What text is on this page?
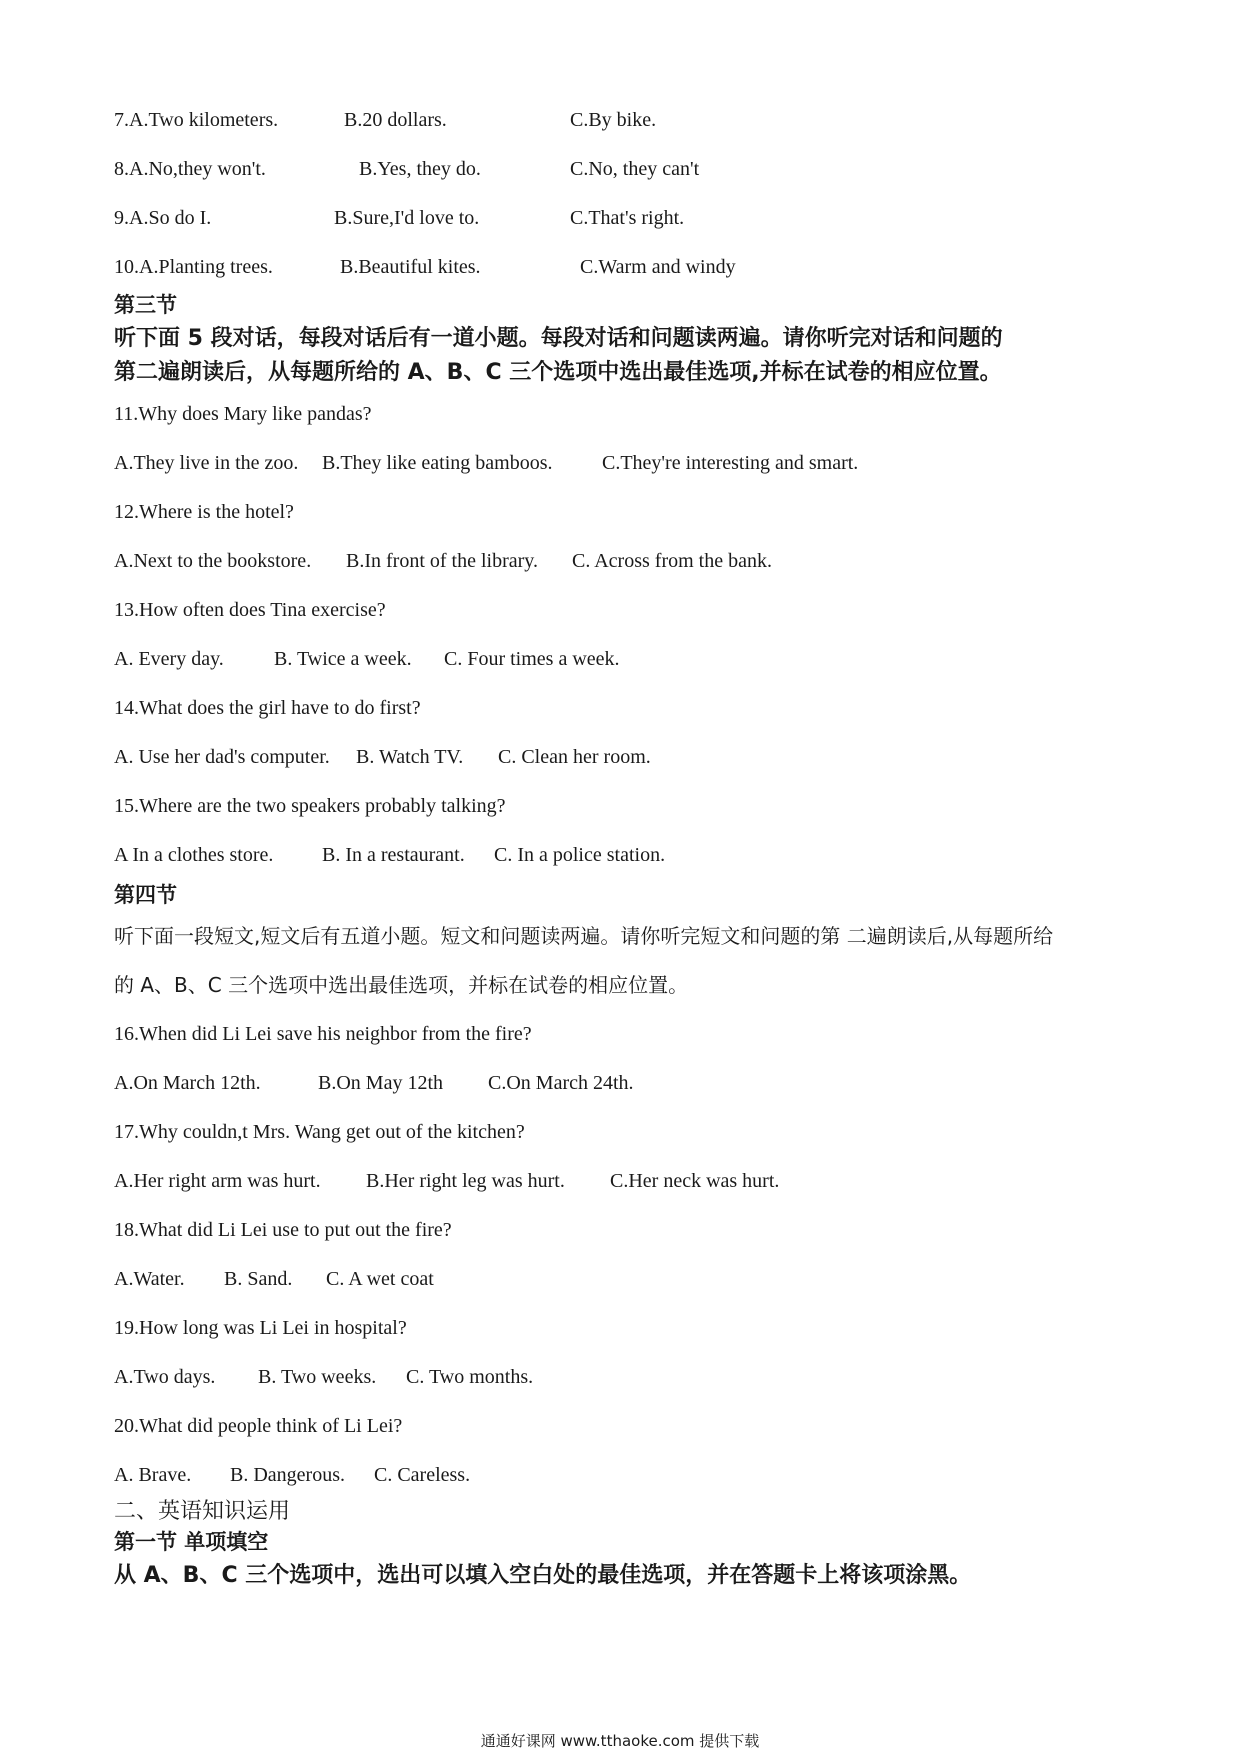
7.A.Two kilometers.	B.20 dollars.	C.By bike.
8.A.No,they won't.	B.Yes, they do.	C.No, they can't
9.A.So do I.	B.Sure,I'd love to.	C.That's right.
10.A.Planting trees.	B.Beautiful kites.	C.Warm and windy
第三节
听下面 5 段对话，每段对话后有一道小题。每段对话和问题读两遍。请你听完对话和问题的
第二遍朗读后，从每题所给的 A、B、C 三个选项中选出最佳选项,并标在试卷的相应位置。
11.Why does Mary like pandas?
A.They live in the zoo. B.They like eating bamboos. C.They're interesting and smart.
12.Where is the hotel?
A.Next to the bookstore. B.In front of the library. C. Across from the bank.
13.How often does Tina exercise?
A. Every day.	B. Twice a week. C. Four times a week.
14.What does the girl have to do first?
A. Use her dad's computer. B. Watch TV. C. Clean her room.
15.Where are the two speakers probably talking?
A In a clothes store. B. In a restaurant. C. In a police station.
第四节
听下面一段短文,短文后有五道小题。短文和问题读两遍。请你听完短文和问题的第 二遍朗读后,从每题所给
的 A、B、C 三个选项中选出最佳选项，并标在试卷的相应位置。
16.When did Li Lei save his neighbor from the fire?
A.On March 12th.	B.On May 12th C.On March 24th.
17.Why couldn,t Mrs. Wang get out of the kitchen?
A.Her right arm was hurt. B.Her right leg was hurt. C.Her neck was hurt.
18.What did Li Lei use to put out the fire?
A.Water. B. Sand. C. A wet coat
19.How long was Li Lei in hospital?
A.Two days. B. Two weeks. C. Two months.
20.What did people think of Li Lei?
A. Brave. B. Dangerous. C. Careless.
二、英语知识运用
第一节 单项填空
从 A、B、C 三个选项中，选出可以填入空白处的最佳选项，并在答题卡上将该项涂黑。
通通好课网 www.tthaoke.com 提供下载
